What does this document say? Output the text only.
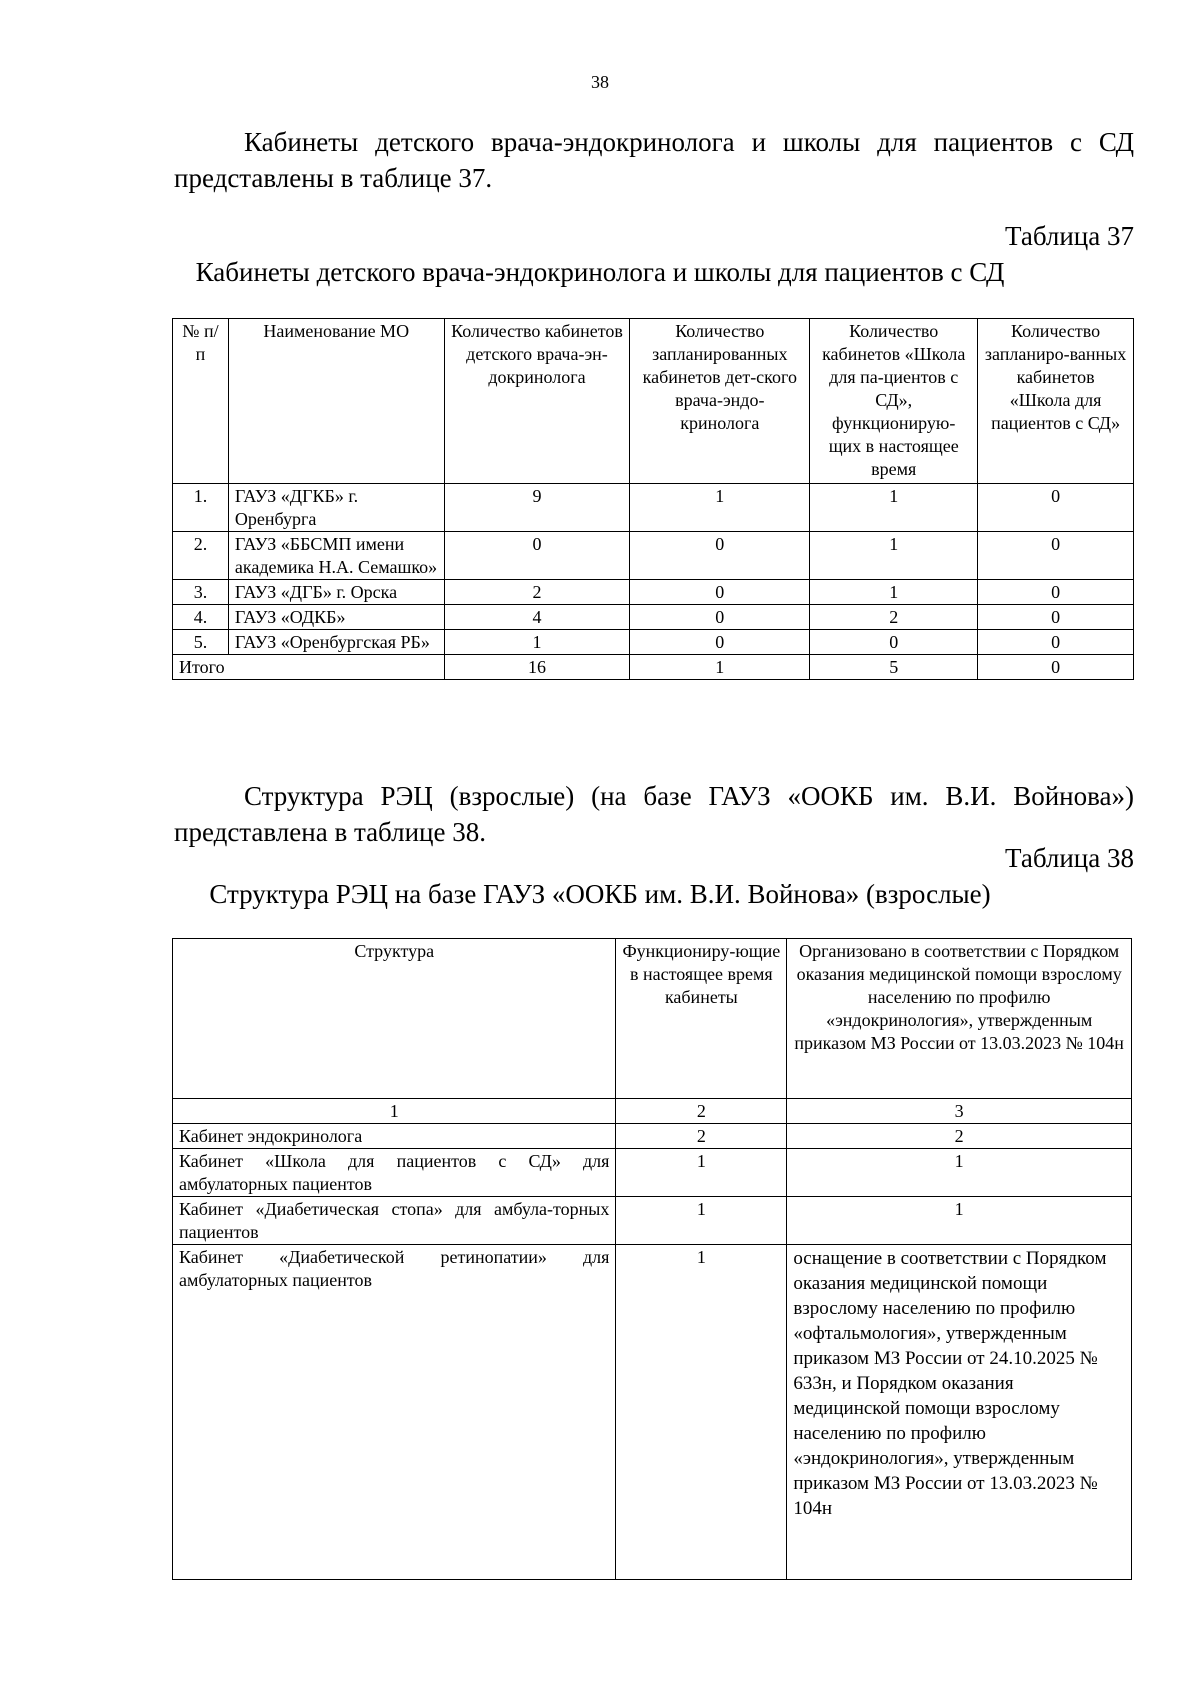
38
Кабинеты детского врача-эндокринолога и школы для пациентов с СД представлены в таблице 37.
Таблица 37
Кабинеты детского врача-эндокринолога и школы для пациентов с СД
№ п/п	Наименование МО	Количество кабинетов детского врача-эн-докринолога	Количество запланированных кабинетов дет-ского врача-эндо-кринолога	Количество кабинетов «Школа для па-циентов с СД», функционирую-щих в настоящее время	Количество запланиро-ванных кабинетов «Школа для пациентов с СД»
1.	ГАУЗ «ДГКБ» г. Оренбурга	9	1	1	0
2.	ГАУЗ «ББСМП имени академика Н.А. Семашко»	0	0	1	0
3.	ГАУЗ «ДГБ» г. Орска	2	0	1	0
4.	ГАУЗ «ОДКБ»	4	0	2	0
5.	ГАУЗ «Оренбургская РБ»	1	0	0	0
Итого		16	1	5	0
Структура РЭЦ (взрослые) (на базе ГАУЗ «ООКБ им. В.И. Войнова») представлена в таблице 38.
Таблица 38
Структура РЭЦ на базе ГАУЗ «ООКБ им. В.И. Войнова» (взрослые)
Структура	Функциониру-ющие в настоящее время кабинеты	Организовано в соответствии с Порядком оказания медицинской помощи взрослому населению по профилю «эндокринология», утвержденным приказом МЗ России от 13.03.2023 № 104н
1	2	3
Кабинет эндокринолога	2	2
Кабинет «Школа для пациентов с СД» для амбулаторных пациентов	1	1
Кабинет «Диабетическая стопа» для амбула-торных пациентов	1	1
Кабинет «Диабетической ретинопатии» для амбулаторных пациентов	1	оснащение в соответствии с Порядком оказания медицинской помощи взрослому населению по профилю «офтальмология», утвержденным приказом МЗ России от 24.10.2025 № 633н, и Порядком оказания медицинской помощи взрослому населению по профилю «эндокринология», утвержденным приказом МЗ России от 13.03.2023 № 104н
